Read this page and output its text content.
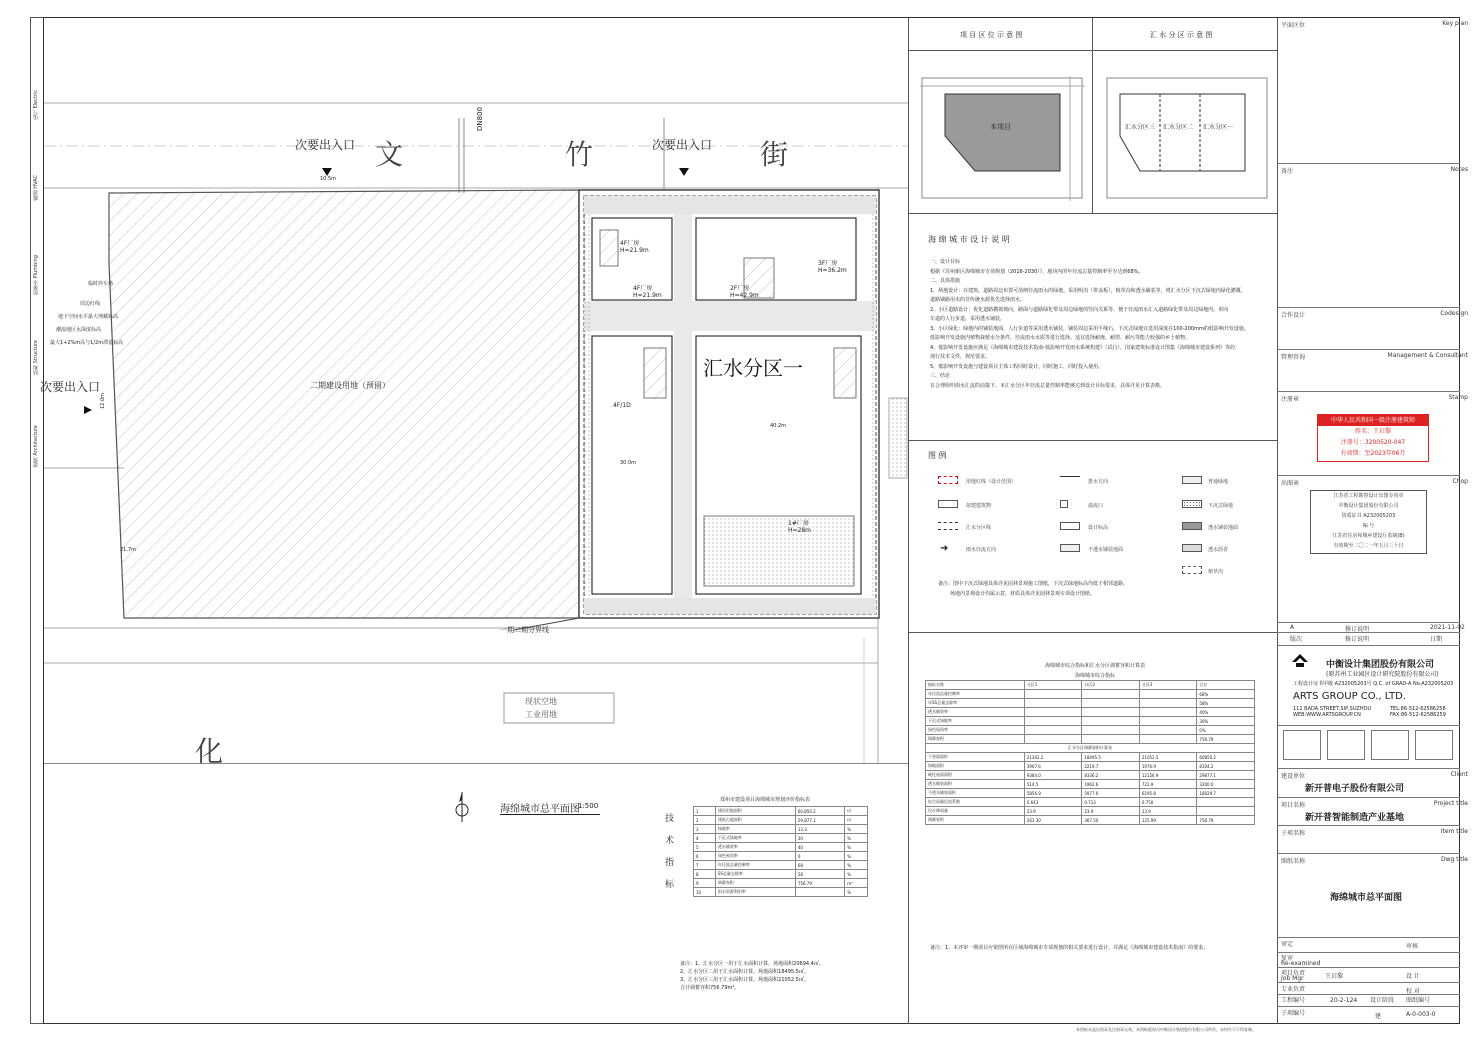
电气 Electric
暖通 HVAC
给排水 Plumbing
结构 Structure
建筑 Architecture
文	竹	街
化
次要出入口	次要出入口
次要出入口	二期建设用地（预留）
一期二期分界线
现状空地
工业用地
汇水分区一
DN800
4F厂房
H=21.9m
4F厂房
H=21.9m
2F厂房
H=42.9m
3F厂房
H=36.2m
1#厂房
H=28m
4F/1D
10.5m
12.0m
30.0m
21.7m
40.2m
临时停车场
周边红线
地下空间水平最大埋藏标高
潮湿地区水深度标高
最大1+2%m高与1/2m滞留标高
海绵城市总平面图
1:500
技 术 指 标
郑州市建设项目海绵城市规划评价指标表
1	建设用地面积	60,850.2	㎡
2	建筑占地面积	29,877.1	㎡
3	绿地率	13.3	%
4	下沉式绿地率	30	%
5	透水铺装率	40	%
6	绿色屋顶率	0	%
7	年径流总量控制率	68	%
8	SS总量去除率	58	%
9	调蓄容积	756.79	m³
10	雨水资源利用率		%
备注：1、汇水分区一用于汇水面积计算，场地面积20694.4㎡。
2、汇水分区二用于汇水面积计算，场地面积18495.5㎡。
3、汇水分区三用于汇水面积计算，场地面积21052.5㎡。
合计调蓄容积756.79m³。
项 目 区 位 示 意 图	汇 水 分 区 示 意 图
本项目	汇水分区三 汇水分区二 汇水分区一
海 绵 城 市 设 计 说 明
一、设计目标
根据《苏州新区海绵城市专项规划（2016-2030）》，地块内的年径流总量控制率至少达到68%。
二、具体措施
1、场地设计：在建筑、道路周边布置可消纳径流雨水的绿地。采用明沟（带盖板），植草沟和透水铺装等，将汇水分区下沉式绿地内绿化灌溉。
道路铺路用水的非传统水源优先选择雨水。
2、小区道路设计：优化道路横坡坡向，路面与道路绿化带及周边绿地的竖向关系等，便于径流雨水汇入道路绿化带及周边绿地内。单向
车道的人行步道，采用透水铺装。
3、小区绿化：绿地内的铺装地面，人行步道等采用透水铺装，铺装周边采用平缘石，下沉式绿地宜选用深度在100-200mm的低影响开发设施。
低影响开发设施内植物栽植水分条件，径流雨水水质等进行选择。适宜选择耐淹、耐涝、耐污等能力较强的乡土植物。
4、低影响开发设施应满足《海绵城市建设技术指南-低影响开发雨水系统构建》（试行），国家建筑标准设计图集《海绵城市建设系列》等的
现行技术文件，规范要求。
5、低影响开发设施与建设项目主体工程同时设计，同时施工，同时投入使用。
三、结论
在合理组织雨水汇流的前提下，本汇水分区年径流总量控制率能够达到设计目标要求，具体详见计算表格。
图 例
用地红线（设计范围）	排水方向	普通绿地
拟建建筑物	溢流口	下沉式绿地
汇水分区线	设计标高	透水铺装地面
➜	雨水径流方向	不透水铺装地面	透水沥青
植草沟
备注：图中下沉式绿地具体详见园林景观施工图纸，下沉式绿地标高均低于相邻道路。
场地内景观设计均属示意，材质具体详见园林景观专项设计图纸。
海绵城市综合指标和汇水分区调蓄容积计算表
海绵城市综合指标
指标名称	分区1	分区2	分区3	合计
年径流总量控制率				68%
年SS总量去除率				58%
透水铺装率				40%
下沉式绿地率				30%
绿色屋顶率				0%
调蓄容积				756.79
汇水分区调蓄容积计算表				
下垫面面积	21302.2	18495.5	21052.5	60850.2
绿地面积	3907.6	2219.7	1976.9	8104.2
硬化屋面面积	9384.0	8336.2	12156.9	29877.1
透水铺装面积	514.5	1962.6	722.9	3200.0
不透水铺装面积	5856.9	5977.0	6195.8	18029.7
综合雨量径流系数	0.643	0.713	0.750	
设计降雨量	23.9	23.9	23.9	
调蓄容积	263.30	367.50	125.99	756.79
备注：1、本评审一期项目应依照所在区域海绵城市专项规划的相关要求进行设计，并满足《海绵城市建设技术指南》的要求。
平面区位	Key plan
备注	Notes
合作设计	Codesign
管理咨询	Management & Consultant
注册章	Stamp
中华人民共和国一级注册建筑师
姓名：王启黎
注册号：3200520-047
有效期：至2023年06月
出图章	Chop
江苏省工程勘察设计出图专用章
中衡设计集团股份有限公司
资质证书 A232005203
编 号
江苏省住房和城乡建设厅监制(B)
有效期至二〇二一年五月三十日
A	修订说明	2021-11-02
版次	修订说明	日期
中衡设计集团股份有限公司
(原苏州工业园区设计研究院股份有限公司)
工程设计证书甲级 A232005203号 Q.C. of GRAD-A No.A232005203
ARTS GROUP CO., LTD.
111 BADA STREET,SIP,SUZHOU
WEB:WWW.ARTSGROUP.CN
TEL:86-512-62586258
FAX:86-512-62586259
建设单位	Client
新开普电子股份有限公司
项目名称	Project title
新开普智能制造产业基地
子项名称	Item title
图纸名称	Dwg title
海绵城市总平面图
审定	审核
复审
Re-examined
项目负责
Job Mgr	王启黎	设 计
专业负责	校 对
工程编号	20-2-124 设计阶段 图纸编号
子项编号	建	A-0-003-0
本图纸未盖出图章及注册章无效，本图纸版权归中衡设计集团股份有限公司所有。未经许可不得复制。
